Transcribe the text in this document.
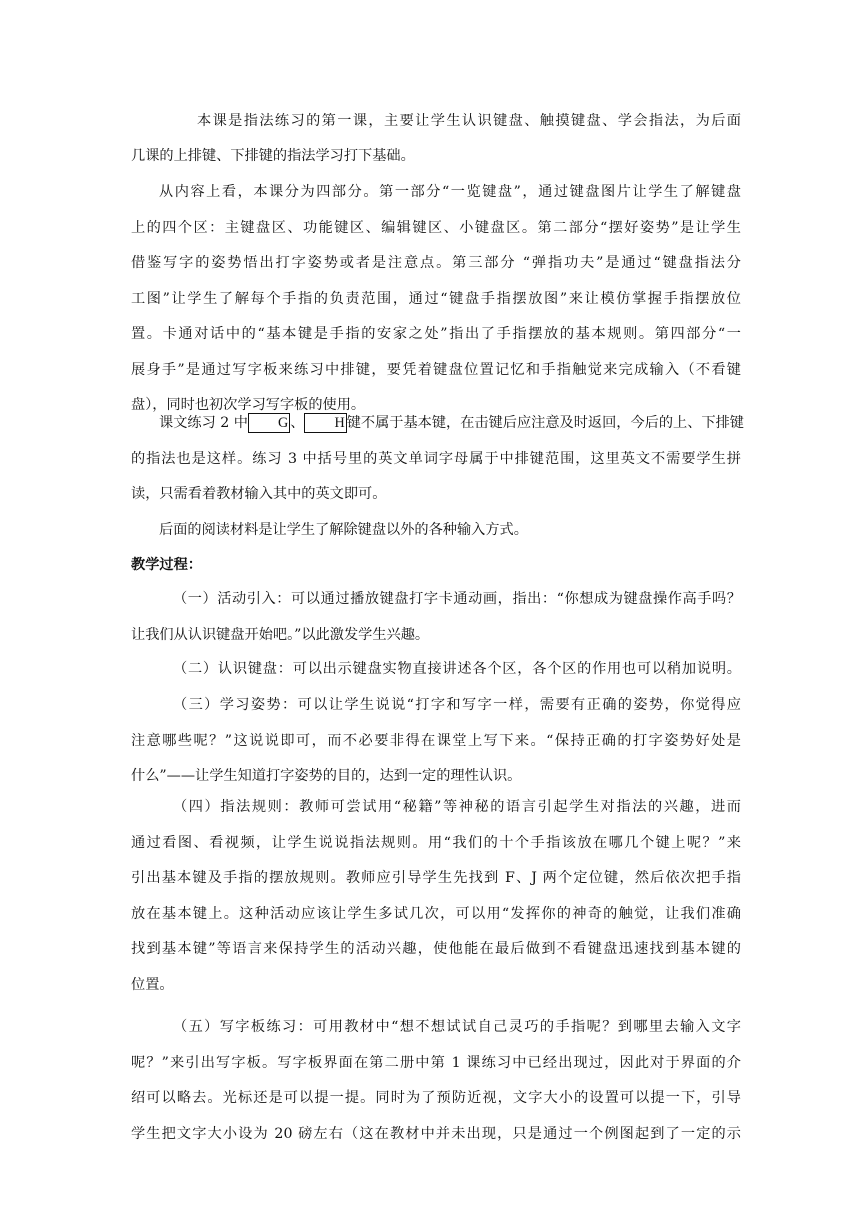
本课是指法练习的第一课，主要让学生认识键盘、触摸键盘、学会指法，为后面
几课的上排键、下排键的指法学习打下基础。
从内容上看，本课分为四部分。第一部分“一览键盘”，通过键盘图片让学生了解键盘
上的四个区：主键盘区、功能键区、编辑键区、小键盘区。第二部分“摆好姿势”是让学生
借鉴写字的姿势悟出打字姿势或者是注意点。第三部分 “弹指功夫”是通过“键盘指法分
工图”让学生了解每个手指的负责范围，通过“键盘手指摆放图”来让模仿掌握手指摆放位
置。卡通对话中的“基本键是手指的安家之处”指出了手指摆放的基本规则。第四部分“一
展身手”是通过写字板来练习中排键，要凭着键盘位置记忆和手指触觉来完成输入（不看键
盘），同时也初次学习写字板的使用。
课文练习 2 中 G 、 H 键不属于基本键，在击键后应注意及时返回，今后的上、下排键
的指法也是这样。练习 3 中括号里的英文单词字母属于中排键范围，这里英文不需要学生拼
读，只需看着教材输入其中的英文即可。
后面的阅读材料是让学生了解除键盘以外的各种输入方式。
教学过程：
（一）活动引入：可以通过播放键盘打字卡通动画，指出：“你想成为键盘操作高手吗？
让我们从认识键盘开始吧。”以此激发学生兴趣。
（二）认识键盘：可以出示键盘实物直接讲述各个区，各个区的作用也可以稍加说明。
（三）学习姿势：可以让学生说说“打字和写字一样，需要有正确的姿势，你觉得应
注意哪些呢？”这说说即可，而不必要非得在课堂上写下来。“保持正确的打字姿势好处是
什么”——让学生知道打字姿势的目的，达到一定的理性认识。
（四）指法规则：教师可尝试用“秘籍”等神秘的语言引起学生对指法的兴趣，进而
通过看图、看视频，让学生说说指法规则。用“我们的十个手指该放在哪几个键上呢？”来
引出基本键及手指的摆放规则。教师应引导学生先找到 F、J 两个定位键，然后依次把手指
放在基本键上。这种活动应该让学生多试几次，可以用“发挥你的神奇的触觉，让我们准确
找到基本键”等语言来保持学生的活动兴趣，使他能在最后做到不看键盘迅速找到基本键的
位置。
（五）写字板练习：可用教材中“想不想试试自己灵巧的手指呢？到哪里去输入文字
呢？”来引出写字板。写字板界面在第二册中第 1 课练习中已经出现过，因此对于界面的介
绍可以略去。光标还是可以提一提。同时为了预防近视，文字大小的设置可以提一下，引导
学生把文字大小设为 20 磅左右（这在教材中并未出现，只是通过一个例图起到了一定的示
